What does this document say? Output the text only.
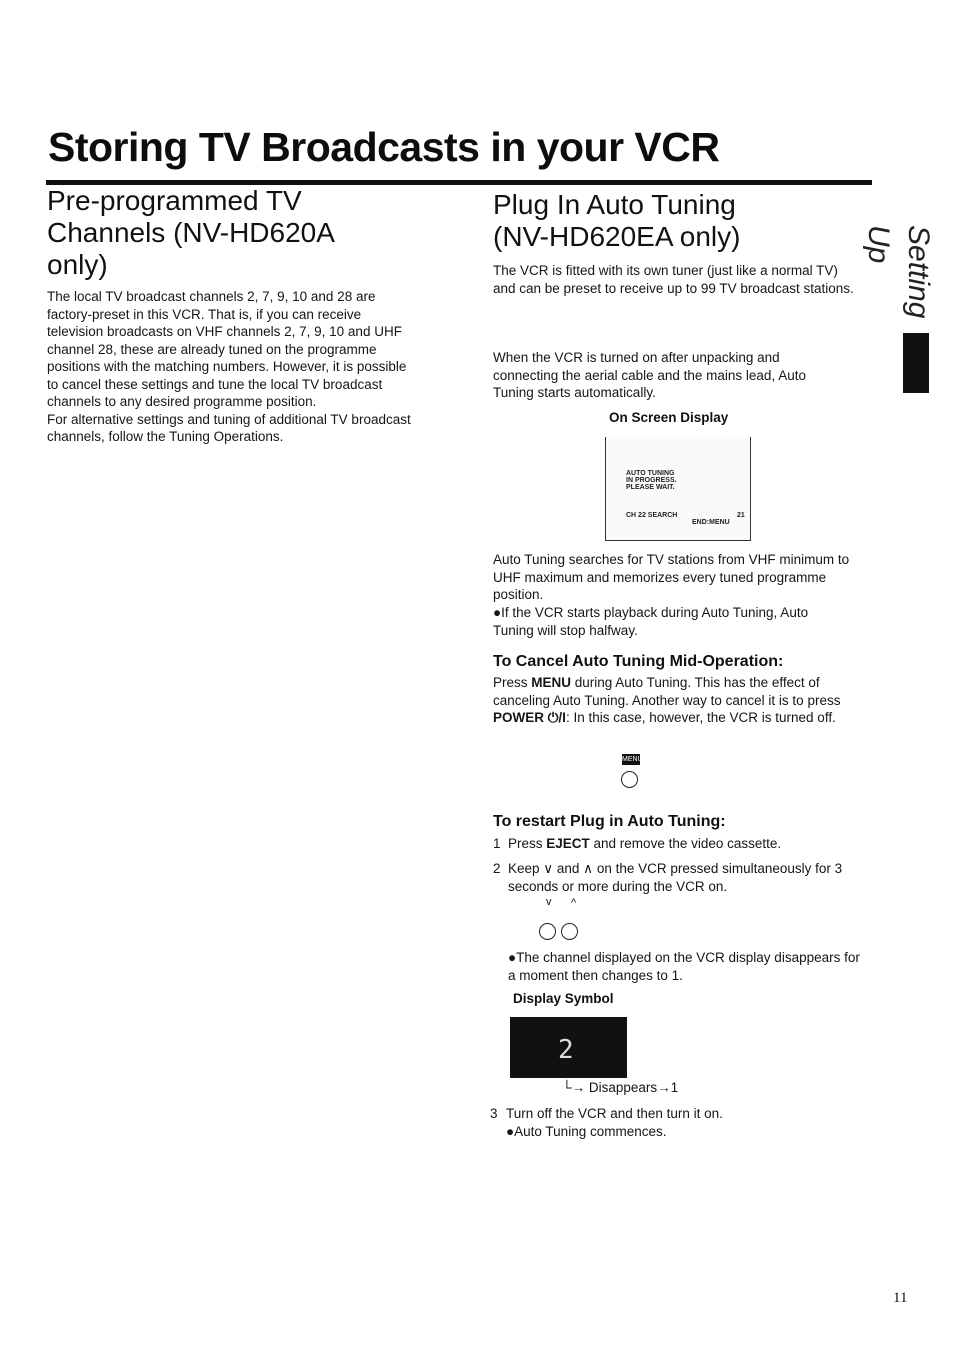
Storing TV Broadcasts in your VCR
Setting Up
Pre-programmed TV Channels (NV-HD620A only)

The local TV broadcast channels 2, 7, 9, 10 and 28 are factory-preset in this VCR. That is, if you can receive television broadcasts on VHF channels 2, 7, 9, 10 and UHF channel 28, these are already tuned on the programme positions with the matching numbers. However, it is possible to cancel these settings and tune the local TV broadcast channels to any desired programme position.

For alternative settings and tuning of additional TV broadcast channels, follow the Tuning Operations.

Plug In Auto Tuning (NV-HD620EA only)
The VCR is fitted with its own tuner (just like a normal TV) and can be preset to receive up to 99 TV broadcast stations.
When the VCR is turned on after unpacking and connecting the aerial cable and the mains lead, Auto Tuning starts automatically.
On Screen Display
AUTO TUNING
IN PROGRESS.
PLEASE WAIT.
CH 22 SEARCH	21
END:MENU
Auto Tuning searches for TV stations from VHF minimum to UHF maximum and memorizes every tuned programme position.
●If the VCR starts playback during Auto Tuning, Auto Tuning will stop halfway.
To Cancel Auto Tuning Mid-Operation:
Press MENU during Auto Tuning. This has the effect of canceling Auto Tuning. Another way to cancel it is to press POWER ⏻/I: In this case, however, the VCR is turned off.
MENU
To restart Plug in Auto Tuning:
1 Press EJECT and remove the video cassette.
2 Keep ∨ and ∧ on the VCR pressed simultaneously for 3 seconds or more during the VCR on.
v ^
●The channel displayed on the VCR display disappears for a moment then changes to 1.
Display Symbol
2
└→ Disappears→1
3 Turn off the VCR and then turn it on.
●Auto Tuning commences.
11
